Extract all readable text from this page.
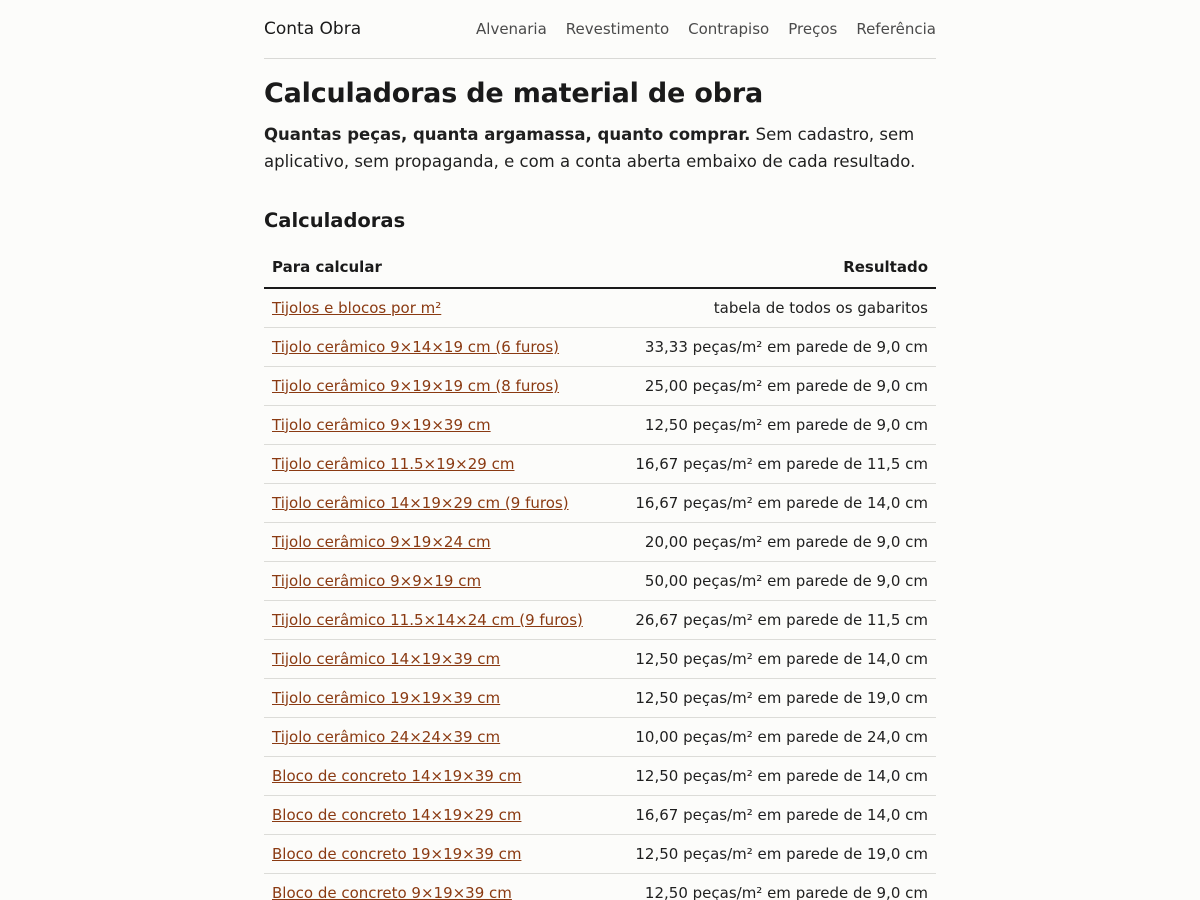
Conta Obra	Alvenaria Revestimento Contrapiso Preços Referência
Calculadoras de material de obra

Quantas peças, quanta argamassa, quanto comprar. Sem cadastro, sem aplicativo, sem propaganda, e com a conta aberta embaixo de cada resultado.

Calculadoras
Para calcular	Resultado
Tijolos e blocos por m²	tabela de todos os gabaritos
Tijolo cerâmico 9×14×19 cm (6 furos)	33,33 peças/m² em parede de 9,0 cm
Tijolo cerâmico 9×19×19 cm (8 furos)	25,00 peças/m² em parede de 9,0 cm
Tijolo cerâmico 9×19×39 cm	12,50 peças/m² em parede de 9,0 cm
Tijolo cerâmico 11.5×19×29 cm	16,67 peças/m² em parede de 11,5 cm
Tijolo cerâmico 14×19×29 cm (9 furos)	16,67 peças/m² em parede de 14,0 cm
Tijolo cerâmico 9×19×24 cm	20,00 peças/m² em parede de 9,0 cm
Tijolo cerâmico 9×9×19 cm	50,00 peças/m² em parede de 9,0 cm
Tijolo cerâmico 11.5×14×24 cm (9 furos)	26,67 peças/m² em parede de 11,5 cm
Tijolo cerâmico 14×19×39 cm	12,50 peças/m² em parede de 14,0 cm
Tijolo cerâmico 19×19×39 cm	12,50 peças/m² em parede de 19,0 cm
Tijolo cerâmico 24×24×39 cm	10,00 peças/m² em parede de 24,0 cm
Bloco de concreto 14×19×39 cm	12,50 peças/m² em parede de 14,0 cm
Bloco de concreto 14×19×29 cm	16,67 peças/m² em parede de 14,0 cm
Bloco de concreto 19×19×39 cm	12,50 peças/m² em parede de 19,0 cm
Bloco de concreto 9×19×39 cm	12,50 peças/m² em parede de 9,0 cm
